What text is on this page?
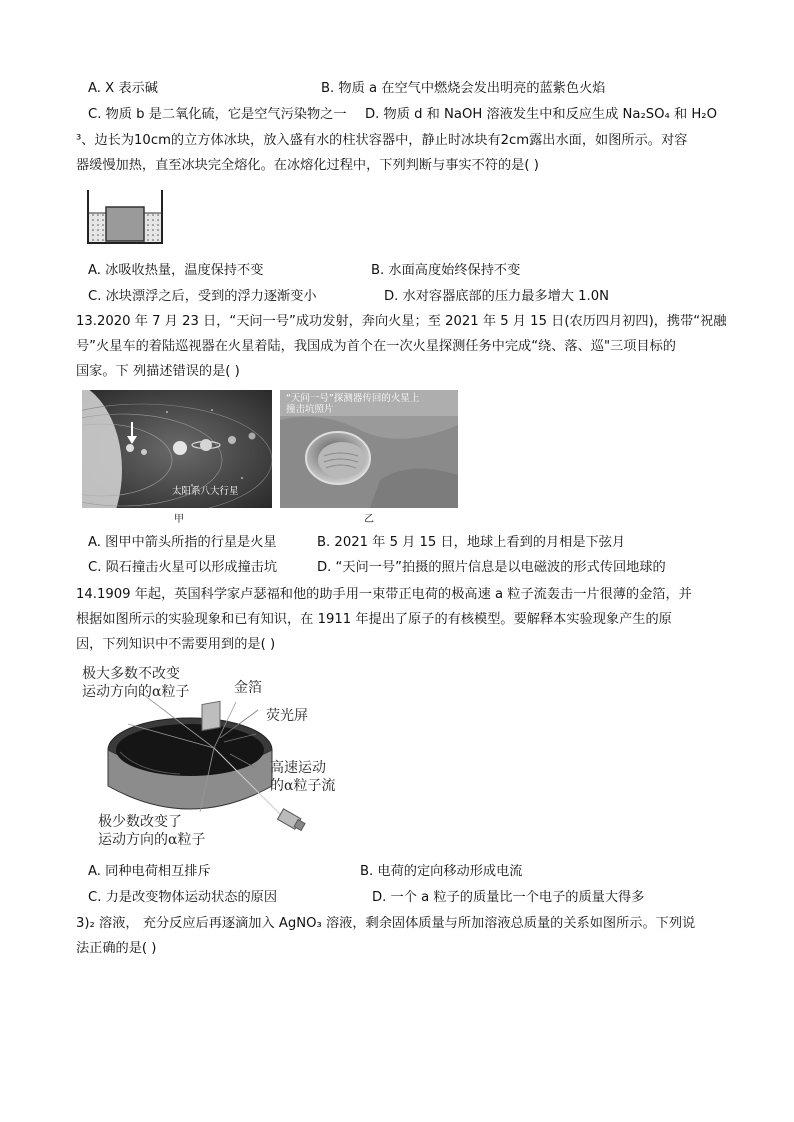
A. X 表示碱	B. 物质 a 在空气中燃烧会发出明亮的蓝紫色火焰
C. 物质 b 是二氧化硫，它是空气污染物之一 D. 物质 d 和 NaOH 溶液发生中和反应生成 Na₂SO₄ 和 H₂O
³、边长为10cm的立方体冰块，放入盛有水的柱状容器中，静止时冰块有2cm露出水面，如图所示。对容
器缓慢加热，直至冰块完全熔化。在冰熔化过程中，下列判断与事实不符的是( )
A. 冰吸收热量，温度保持不变	B. 水面高度始终保持不变
C. 冰块漂浮之后，受到的浮力逐渐变小	D. 水对容器底部的压力最多增大 1.0N
13.2020 年 7 月 23 日，“天问一号”成功发射，奔向火星；至 2021 年 5 月 15 日(农历四月初四)，携带“祝融
号”火星车的着陆巡视器在火星着陆，我国成为首个在一次火星探测任务中完成“绕、落、巡"三项目标的
国家。下 列描述错误的是( )
太阳系八大行星
甲
“天问一号”探测器传回的火星上
撞击坑照片
乙
A. 图甲中箭头所指的行星是火星	B. 2021 年 5 月 15 日，地球上看到的月相是下弦月
C. 陨石撞击火星可以形成撞击坑	D. “天问一号”拍摄的照片信息是以电磁波的形式传回地球的
14.1909 年起，英国科学家卢瑟福和他的助手用一束带正电荷的极高速 a 粒子流轰击一片很薄的金箔，并
根据如图所示的实验现象和已有知识，在 1911 年提出了原子的有核模型。要解释本实验现象产生的原
因，下列知识中不需要用到的是( )
极大多数不改变
运动方向的α粒子	金箔
荧光屏
高速运动
的α粒子流
极少数改变了
运动方向的α粒子
A. 同种电荷相互排斥	B. 电荷的定向移动形成电流
C. 力是改变物体运动状态的原因	D. 一个 a 粒子的质量比一个电子的质量大得多
3)₂ 溶液， 充分反应后再逐滴加入 AgNO₃ 溶液，剩余固体质量与所加溶液总质量的关系如图所示。下列说
法正确的是( )
